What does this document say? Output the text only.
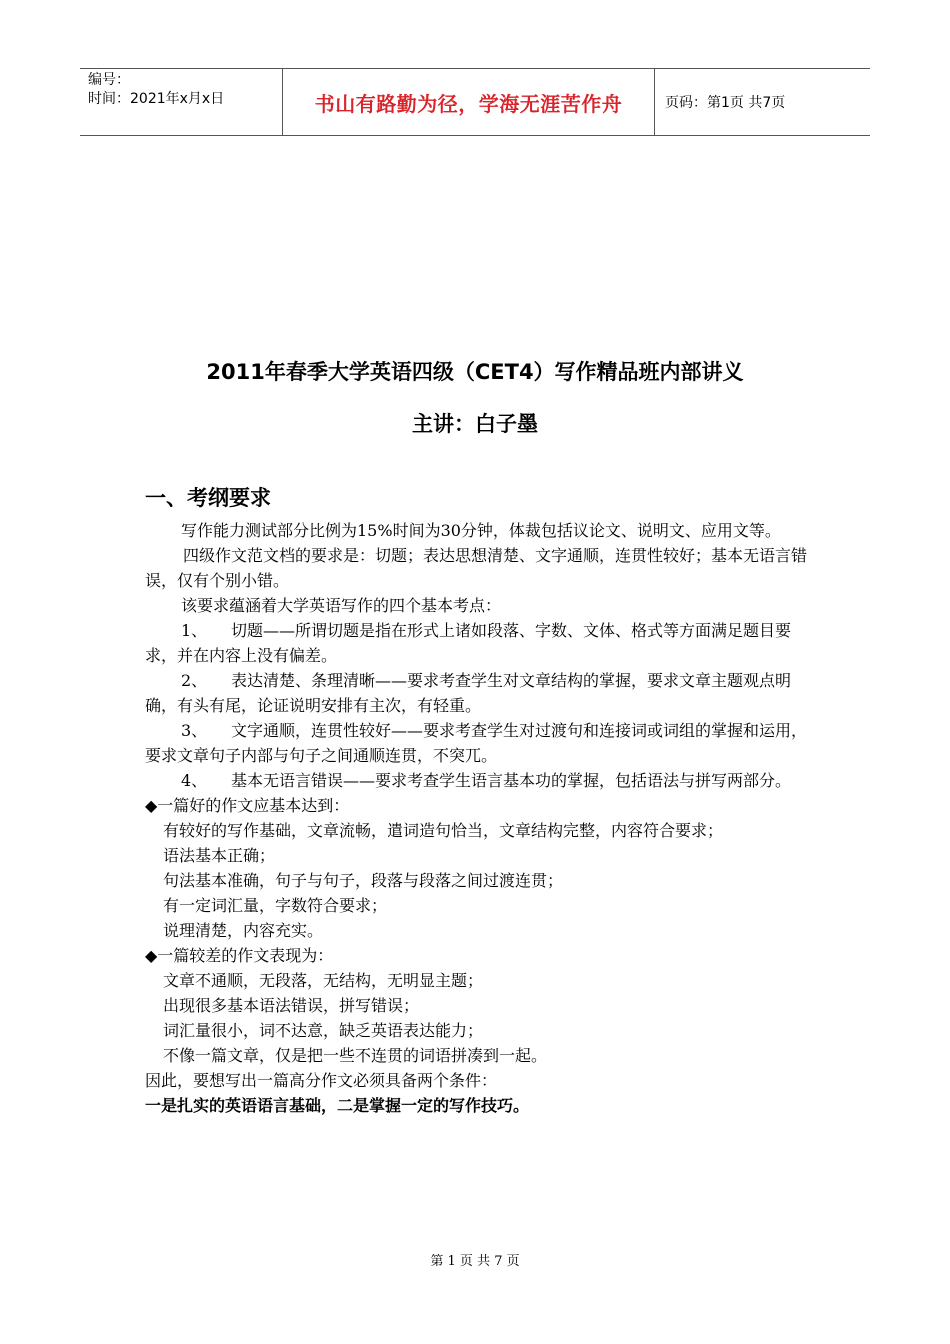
编号：
时间：2021年x月x日	书山有路勤为径，学海无涯苦作舟	页码：第1页 共7页
2011年春季大学英语四级（CET4）写作精品班内部讲义
主讲：白子墨
一、考纲要求

写作能力测试部分比例为15%时间为30分钟，体裁包括议论文、说明文、应用文等。

四级作文范文档的要求是：切题；表达思想清楚、文字通顺，连贯性较好；基本无语言错误，仅有个别小错。

该要求蕴涵着大学英语写作的四个基本考点：

1、 切题——所谓切题是指在形式上诸如段落、字数、文体、格式等方面满足题目要求，并在内容上没有偏差。

2、 表达清楚、条理清晰——要求考查学生对文章结构的掌握，要求文章主题观点明确，有头有尾，论证说明安排有主次，有轻重。

3、 文字通顺，连贯性较好——要求考查学生对过渡句和连接词或词组的掌握和运用，要求文章句子内部与句子之间通顺连贯，不突兀。

4、 基本无语言错误——要求考查学生语言基本功的掌握，包括语法与拼写两部分。

◆一篇好的作文应基本达到：

有较好的写作基础，文章流畅，遣词造句恰当，文章结构完整，内容符合要求；

语法基本正确；

句法基本准确，句子与句子，段落与段落之间过渡连贯；

有一定词汇量，字数符合要求；

说理清楚，内容充实。

◆一篇较差的作文表现为：

文章不通顺，无段落，无结构，无明显主题；

出现很多基本语法错误，拼写错误；

词汇量很小，词不达意，缺乏英语表达能力；

不像一篇文章，仅是把一些不连贯的词语拼凑到一起。

因此，要想写出一篇高分作文必须具备两个条件：

一是扎实的英语语言基础，二是掌握一定的写作技巧。

第 1 页 共 7 页
